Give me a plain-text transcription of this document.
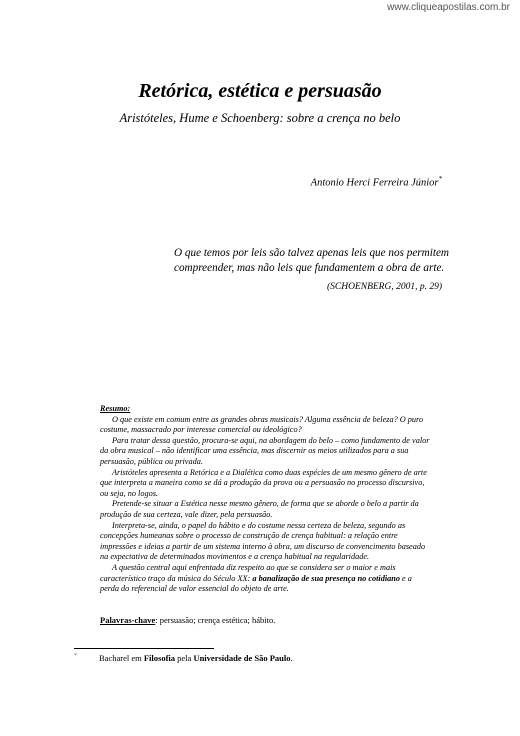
www.cliqueapostilas.com.br
Retórica, estética e persuasão
Aristóteles, Hume e Schoenberg: sobre a crença no belo
Antonio Herci Ferreira Júnior*
O que temos por leis são talvez apenas leis que nos permitem compreender, mas não leis que fundamentem a obra de arte.
(SCHOENBERG, 2001, p. 29)
Resumo:

O que existe em comum entre as grandes obras musicais? Alguma essência de beleza? O puro costume, massacrado por interesse comercial ou ideológico?

Para tratar dessa questão, procura-se aqui, na abordagem do belo – como fundamento de valor da obra musical – não identificar uma essência, mas discernir os meios utilizados para a sua persuasão, pública ou privada.

Aristóteles apresenta a Retórica e a Dialética como duas espécies de um mesmo gênero de arte que interpreta a maneira como se dá a produção da prova ou a persuasão no processo discursivo, ou seja, no logos.

Pretende-se situar a Estética nesse mesmo gênero, de forma que se aborde o belo a partir da produção de sua certeza, vale dizer, pela persuasão.

Interpreta-se, ainda, o papel do hábito e do costume nessa certeza de beleza, segundo as concepções humeanas sobre o processo de construção de crença habitual: a relação entre impressões e ideias a partir de um sistema interno à obra, um discurso de convencimento baseado na expectativa de determinados movimentos e a crença habitual na regularidade.

A questão central aqui enfrentada diz respeito ao que se considera ser o maior e mais característico traço da música do Século XX: a banalização de sua presença no cotidiano e a perda do referencial de valor essencial do objeto de arte.

Palavras-chave: persuasão; crença estética; hábito.
*	Bacharel em Filosofia pela Universidade de São Paulo.
